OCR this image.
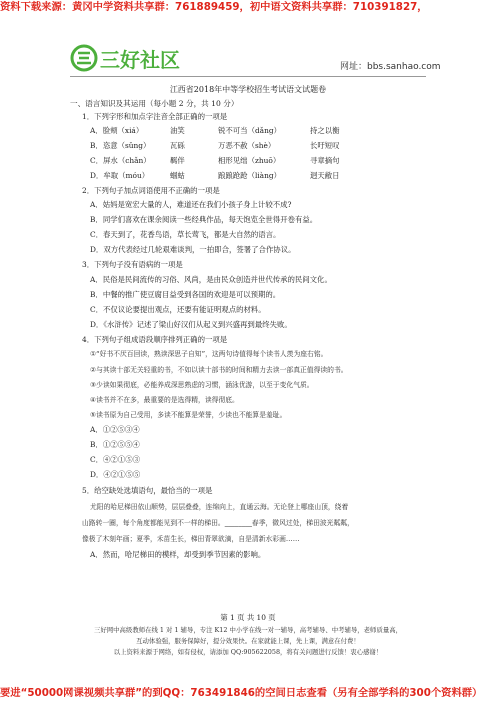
资料下载来源：黄冈中学资料共享群：761889459，初中语文资料共享群：710391827，
三好社区	网址：bbs.sanhao.com
江西省2018年中等学校招生考试语文试题卷
一、语言知识及其运用（每小题 2 分，共 10 分）
1．下列字形和加点字注音全部正确的一项是
A．脸颊（xiá）	油笑	锐不可当（dǎng）	持之以衡
B．恣意（sǔng）	瓦砾	万恶不赦（shè）	长吁短叹
C．屏水（chǎn）	羁伴	相形见绌（zhuō）	寻章摘句
D．牟取（móu）	蝈蛄	踉踉跄跄（liàng）	迥天敝日
2．下列句子加点词语使用不正确的一项是
A．姑妈是宽宏大量的人，难道还在我们小孩子身上计较不成?
B．同学们喜欢在课余阅读一些经典作品，每天饱览全世得开卷有益。
C．春天到了，花香鸟语，草长莺飞，都是大自然的语言。
D．双方代表经过几轮艰难谈判，一拍即合，签署了合作协议。
3．下列句子没有语病的一项是
A．民俗是民间流传的习俗、风尚，是由民众创造并世代传承的民间文化。
B．中餐的推广使豆腐目益受到各国的欢迎是可以预期的。
C．不仅议论要提出观点，还要有能证明观点的材料。
D．《水浒传》记述了梁山好汉们从起义到兴盛再到最终失败。
4．下列句子组成语段顺序排列正确的一项是
①“好书不厌百回读，熟读深思子自知”，这两句诗值得每个读书人羡为座右铭。
②与其读十部无关轻重的书，不如以读十部书的时间和精力去读一部真正值得读的书。
③少读如果彻底，必能养成深思熟虑的习惯，涵泳优游，以至于变化气质。
④读书并不在多，最重要的是选得精，读得彻底。
⑤读书原为自己受用，多读不能算是荣誉，少读也不能算是羞耻。
A．①②⑤③④
B．①②⑤⑤④
C．④②①⑤③
D．④②①⑤⑤
5．给空缺处选填语句，最恰当的一项是
尤阳的哈尼梯田依山顺势，层层叠叠，连绵向上，直通云海。无论登上哪座山顶，绕着
山路转一圈，每个角度都能见到不一样的梯田。________春季，微风过处，梯田波光粼粼，
像极了木刻年画；夏季，禾苗生长，梯田青翠欲滴，自是清新水彩画……
A．然而，哈尼梯田的模样，却受到季节因素的影响。
第 1 页 共 10 页
三好网中高级教师在线 1 对 1 辅导，专注 K12 中小学在线一对一辅导，高考辅导、中考辅导，老师质量高，
互动体验强，服务保障好，提分效果快。在家就能上课，先上课，满意在付费！
以上资料来源于网络，如有侵权，请添加 QQ:905622058，将有关问题进行反馈！衷心感谢！
要进“50000网课视频共享群”的到QQ：763491846的空间日志查看（另有全部学科的300个资料群）
